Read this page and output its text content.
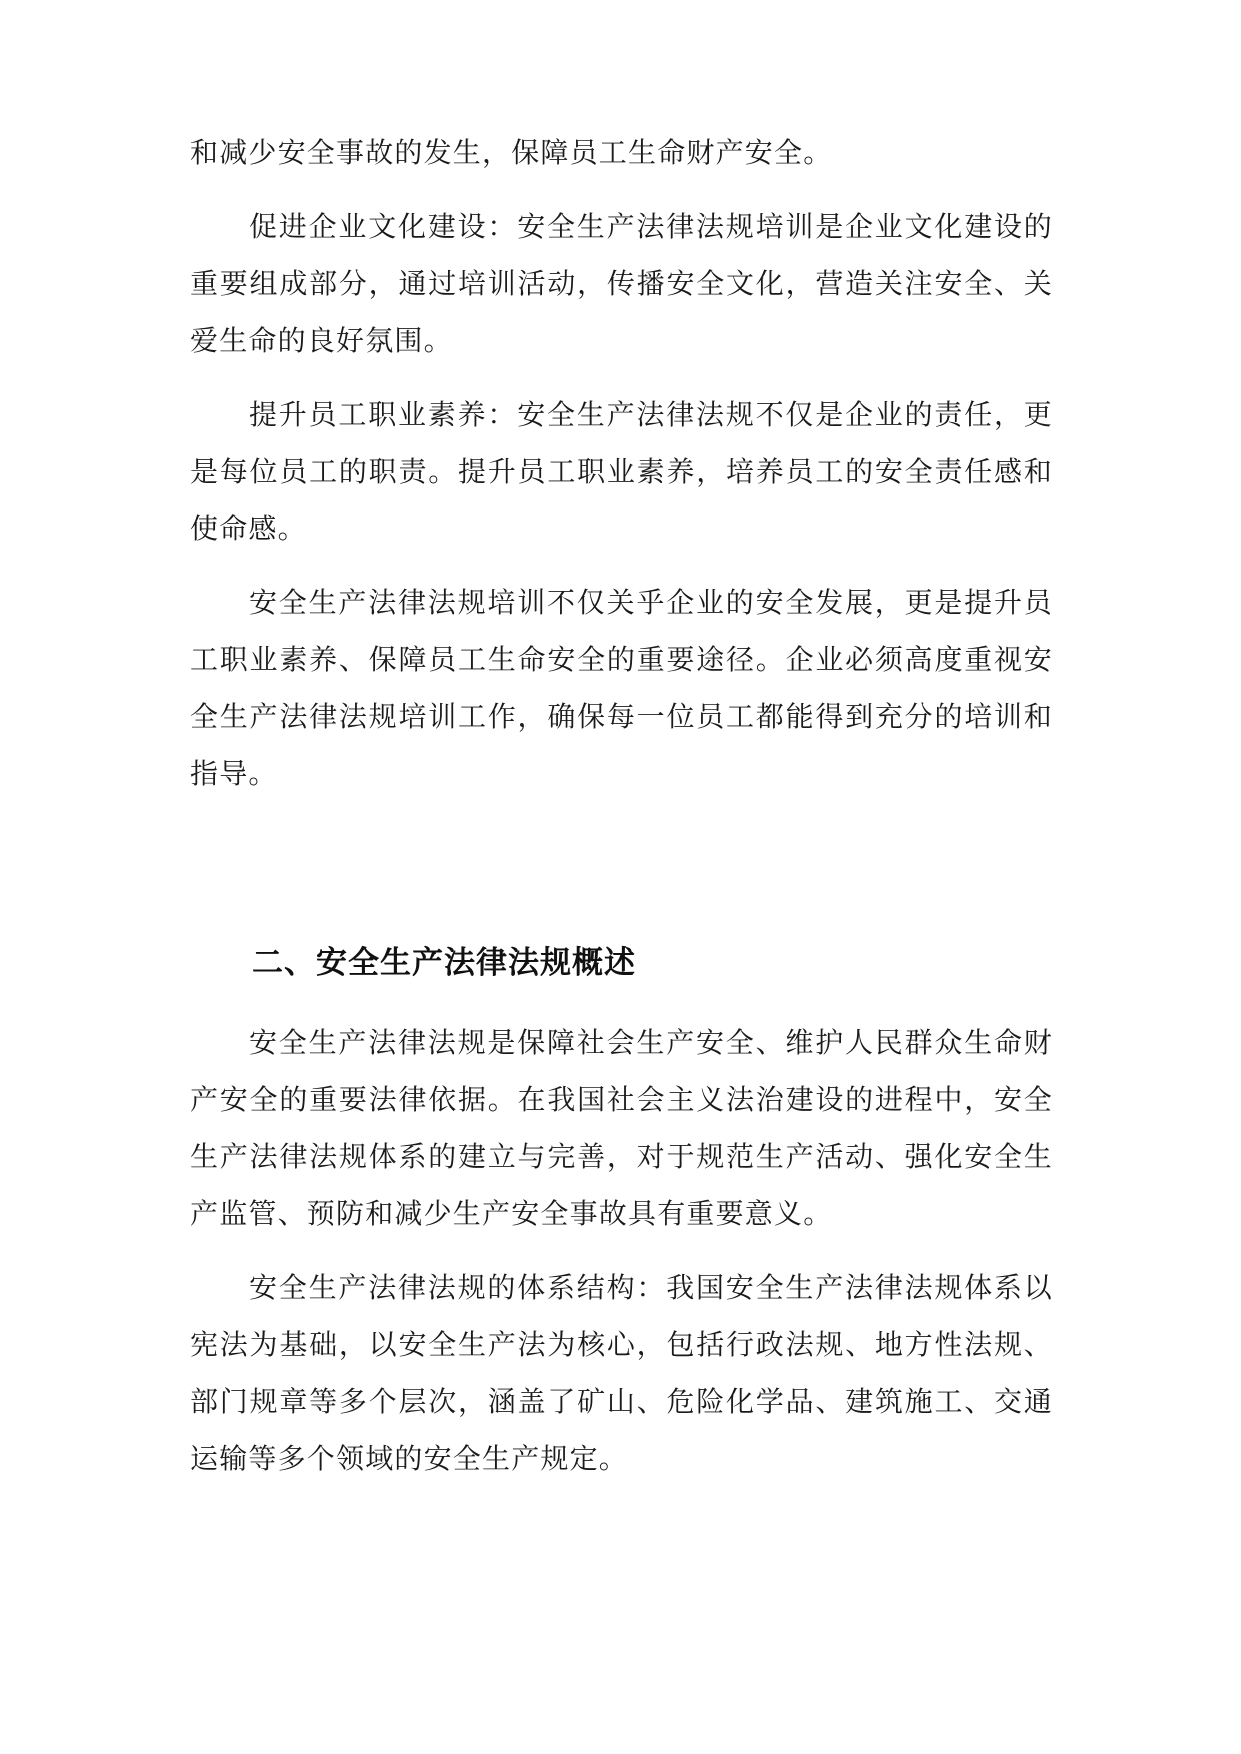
和减少安全事故的发生，保障员工生命财产安全。

促进企业文化建设：安全生产法律法规培训是企业文化建设的重要组成部分，通过培训活动，传播安全文化，营造关注安全、关爱生命的良好氛围。

提升员工职业素养：安全生产法律法规不仅是企业的责任，更是每位员工的职责。提升员工职业素养，培养员工的安全责任感和使命感。

安全生产法律法规培训不仅关乎企业的安全发展，更是提升员工职业素养、保障员工生命安全的重要途径。企业必须高度重视安全生产法律法规培训工作，确保每一位员工都能得到充分的培训和指导。

二、安全生产法律法规概述

安全生产法律法规是保障社会生产安全、维护人民群众生命财产安全的重要法律依据。在我国社会主义法治建设的进程中，安全生产法律法规体系的建立与完善，对于规范生产活动、强化安全生产监管、预防和减少生产安全事故具有重要意义。

安全生产法律法规的体系结构：我国安全生产法律法规体系以宪法为基础，以安全生产法为核心，包括行政法规、地方性法规、部门规章等多个层次，涵盖了矿山、危险化学品、建筑施工、交通运输等多个领域的安全生产规定。
